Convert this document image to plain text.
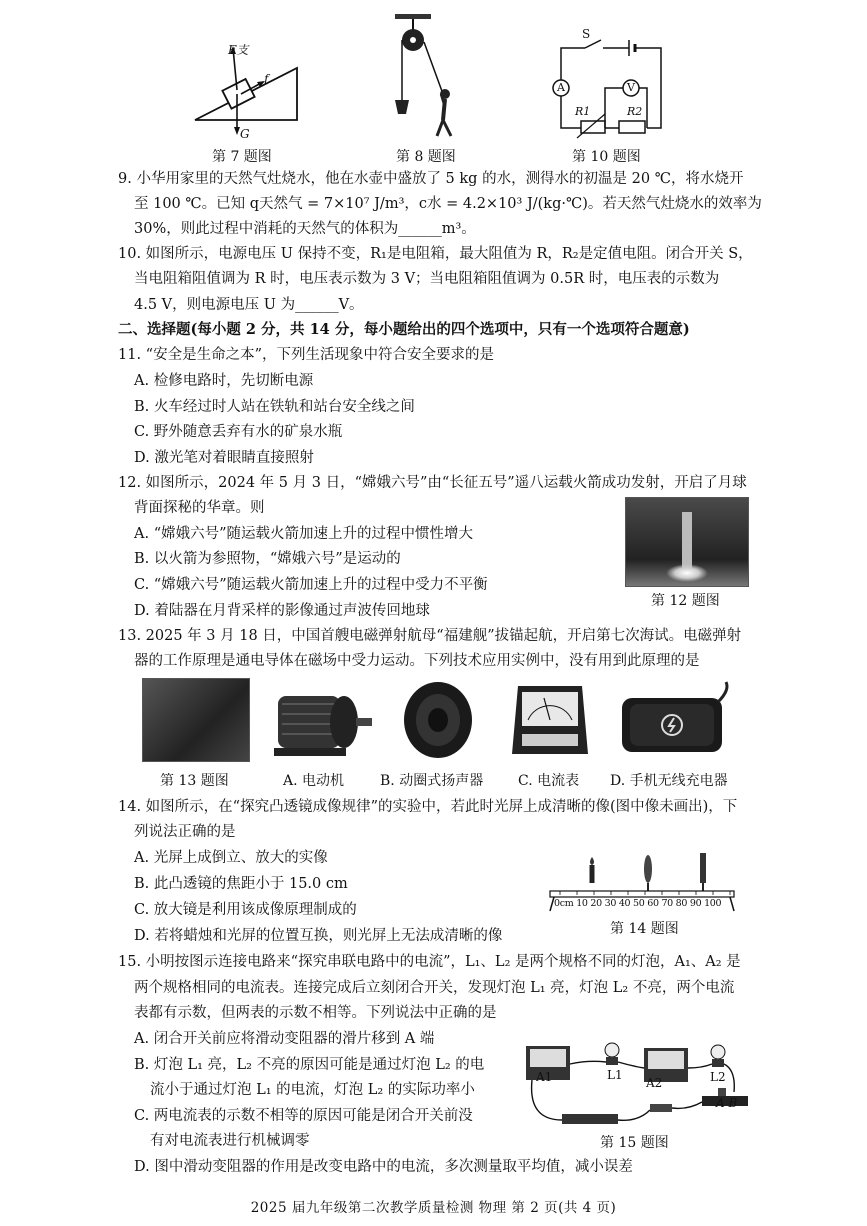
F支
f
G
第 7 题图	第 8 题图
S
A	V
R1	R2
第 10 题图
9. 小华用家里的天然气灶烧水，他在水壶中盛放了 5 kg 的水，测得水的初温是 20 ℃，将水烧开
至 100 ℃。已知 q天然气 = 7×10⁷ J/m³，c水 = 4.2×10³ J/(kg·℃)。若天然气灶烧水的效率为
30%，则此过程中消耗的天然气的体积为______m³。
10. 如图所示，电源电压 U 保持不变，R₁是电阻箱，最大阻值为 R，R₂是定值电阻。闭合开关 S，
当电阻箱阻值调为 R 时，电压表示数为 3 V；当电阻箱阻值调为 0.5R 时，电压表的示数为
4.5 V，则电源电压 U 为______V。
二、选择题(每小题 2 分，共 14 分，每小题给出的四个选项中，只有一个选项符合题意)
11. “安全是生命之本”，下列生活现象中符合安全要求的是
A. 检修电路时，先切断电源
B. 火车经过时人站在铁轨和站台安全线之间
C. 野外随意丢弃有水的矿泉水瓶
D. 激光笔对着眼睛直接照射
12. 如图所示，2024 年 5 月 3 日，“嫦娥六号”由“长征五号”遥八运载火箭成功发射，开启了月球
背面探秘的华章。则
A. “嫦娥六号”随运载火箭加速上升的过程中惯性增大
B. 以火箭为参照物，“嫦娥六号”是运动的
C. “嫦娥六号”随运载火箭加速上升的过程中受力不平衡
D. 着陆器在月背采样的影像通过声波传回地球
第 12 题图
13. 2025 年 3 月 18 日，中国首艘电磁弹射航母“福建舰”拔锚起航，开启第七次海试。电磁弹射
器的工作原理是通电导体在磁场中受力运动。下列技术应用实例中，没有用到此原理的是
第 13 题图	A. 电动机	B. 动圈式扬声器 C. 电流表 D. 手机无线充电器
14. 如图所示，在“探究凸透镜成像规律”的实验中，若此时光屏上成清晰的像(图中像未画出)，下
列说法正确的是
A. 光屏上成倒立、放大的实像
B. 此凸透镜的焦距小于 15.0 cm
C. 放大镜是利用该成像原理制成的
D. 若将蜡烛和光屏的位置互换，则光屏上无法成清晰的像
0cm 10 20 30 40 50 60 70 80 90 100
第 14 题图
15. 小明按图示连接电路来“探究串联电路中的电流”，L₁、L₂ 是两个规格不同的灯泡，A₁、A₂ 是
两个规格相同的电流表。连接完成后立刻闭合开关，发现灯泡 L₁ 亮，灯泡 L₂ 不亮，两个电流
表都有示数，但两表的示数不相等。下列说法中正确的是
A. 闭合开关前应将滑动变阻器的滑片移到 A 端
B. 灯泡 L₁ 亮，L₂ 不亮的原因可能是通过灯泡 L₂ 的电
流小于通过灯泡 L₁ 的电流，灯泡 L₂ 的实际功率小
C. 两电流表的示数不相等的原因可能是闭合开关前没
有对电流表进行机械调零
D. 图中滑动变阻器的作用是改变电路中的电流，多次测量取平均值，减小误差
L1	L2
A1	A2
A B
第 15 题图
2025 届九年级第二次教学质量检测 物理 第 2 页(共 4 页)
